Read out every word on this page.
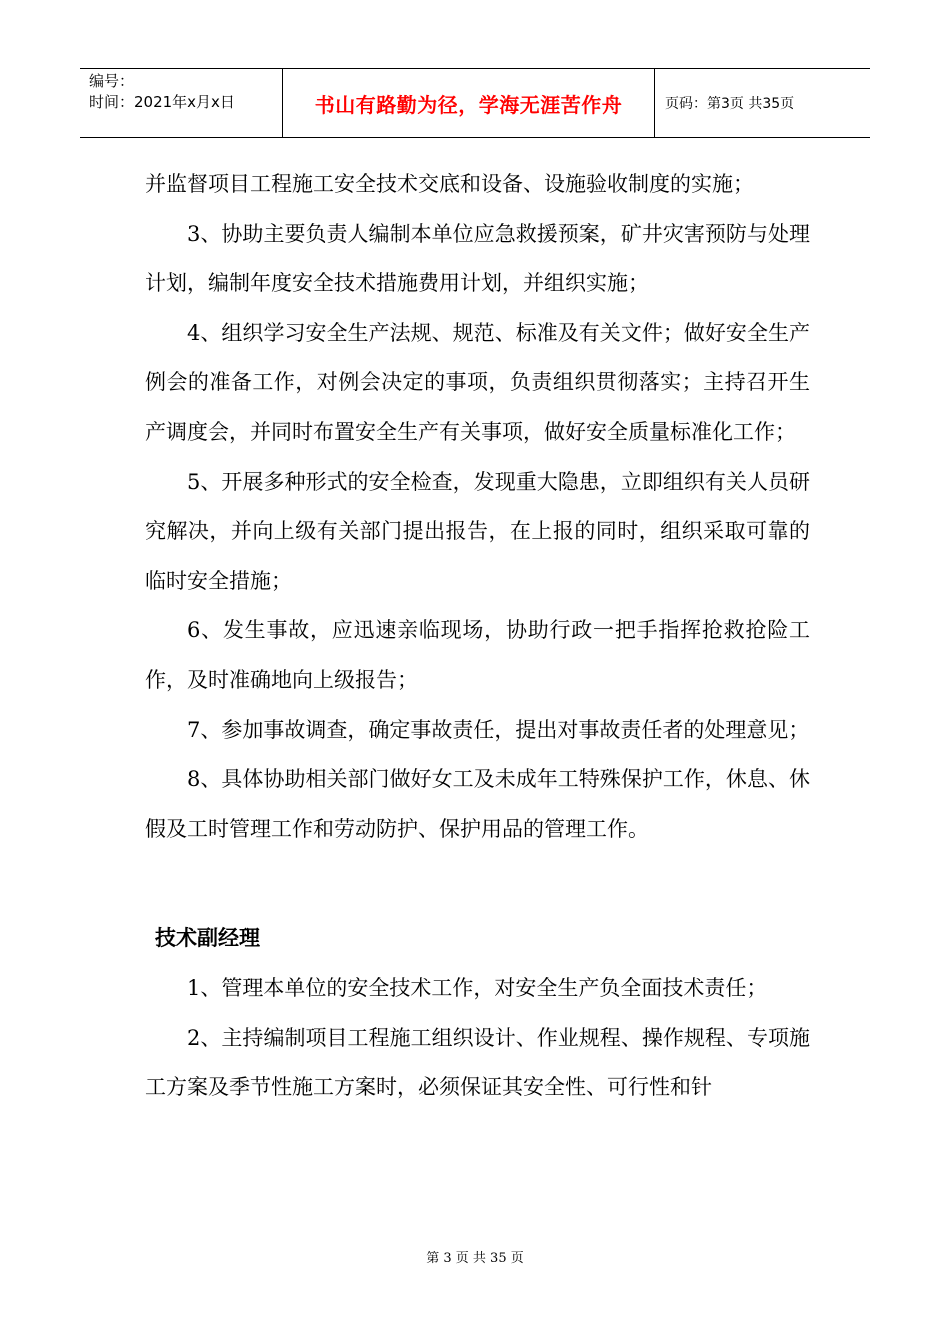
编号：
时间：2021年x月x日	书山有路勤为径，学海无涯苦作舟	页码：第3页 共35页

并监督项目工程施工安全技术交底和设备、设施验收制度的实施；

3、协助主要负责人编制本单位应急救援预案，矿井灾害预防与处理计划，编制年度安全技术措施费用计划，并组织实施；

4、组织学习安全生产法规、规范、标准及有关文件；做好安全生产例会的准备工作，对例会决定的事项，负责组织贯彻落实；主持召开生产调度会，并同时布置安全生产有关事项，做好安全质量标准化工作；

5、开展多种形式的安全检查，发现重大隐患，立即组织有关人员研究解决，并向上级有关部门提出报告，在上报的同时，组织采取可靠的临时安全措施；

6、发生事故，应迅速亲临现场，协助行政一把手指挥抢救抢险工作，及时准确地向上级报告；

7、参加事故调查，确定事故责任，提出对事故责任者的处理意见；

8、具体协助相关部门做好女工及未成年工特殊保护工作，休息、休假及工时管理工作和劳动防护、保护用品的管理工作。

技术副经理

1、管理本单位的安全技术工作，对安全生产负全面技术责任；

2、主持编制项目工程施工组织设计、作业规程、操作规程、专项施工方案及季节性施工方案时，必须保证其安全性、可行性和针

第 3 页 共 35 页
